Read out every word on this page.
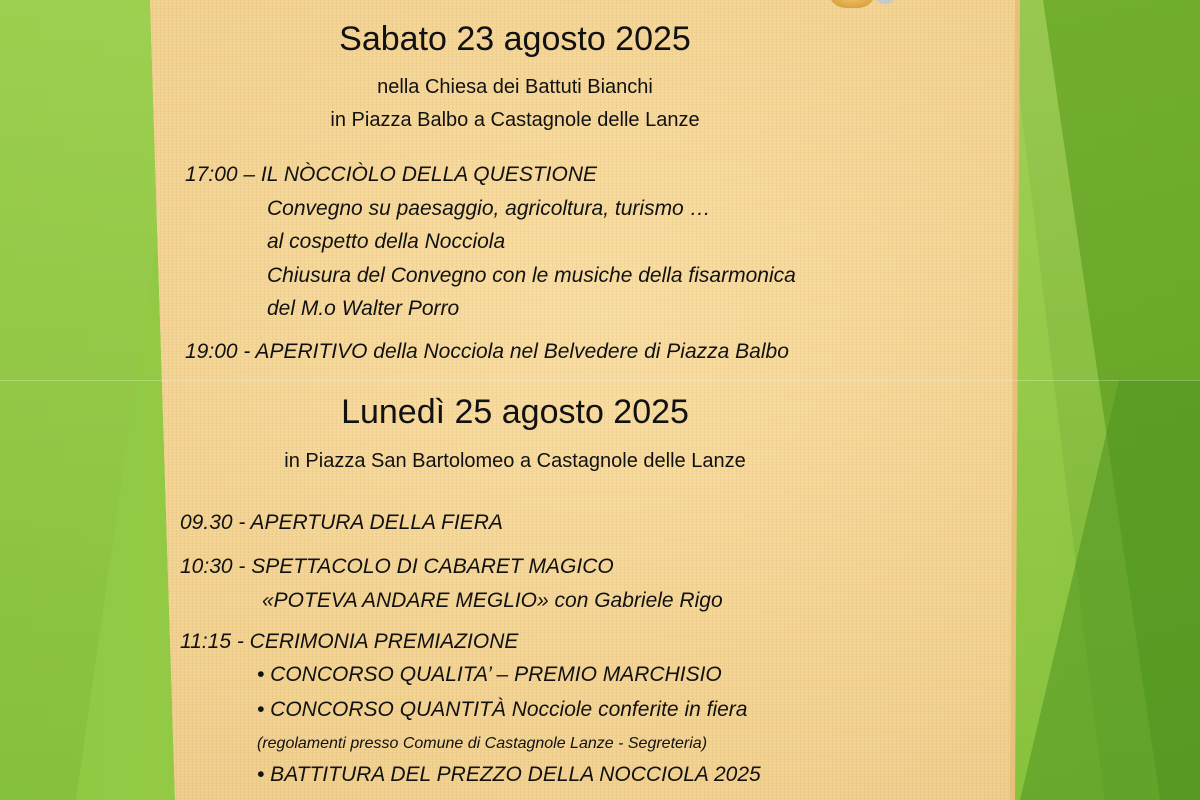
Sabato 23 agosto 2025
nella Chiesa dei Battuti Bianchi
in Piazza Balbo a Castagnole delle Lanze
17:00 – IL NÒCCIÒLO DELLA QUESTIONE
Convegno su paesaggio, agricoltura, turismo …
al cospetto della Nocciola
Chiusura del Convegno con le musiche della fisarmonica
del M.o Walter Porro
19:00 - APERITIVO della Nocciola nel Belvedere di Piazza Balbo
Lunedì 25 agosto 2025
in Piazza San Bartolomeo a Castagnole delle Lanze
09.30 - APERTURA DELLA FIERA
10:30 - SPETTACOLO DI CABARET MAGICO
«POTEVA ANDARE MEGLIO» con Gabriele Rigo
11:15 - CERIMONIA PREMIAZIONE
• CONCORSO QUALITA’ – PREMIO MARCHISIO
• CONCORSO QUANTITÀ Nocciole conferite in fiera
(regolamenti presso Comune di Castagnole Lanze - Segreteria)
• BATTITURA DEL PREZZO DELLA NOCCIOLA 2025
